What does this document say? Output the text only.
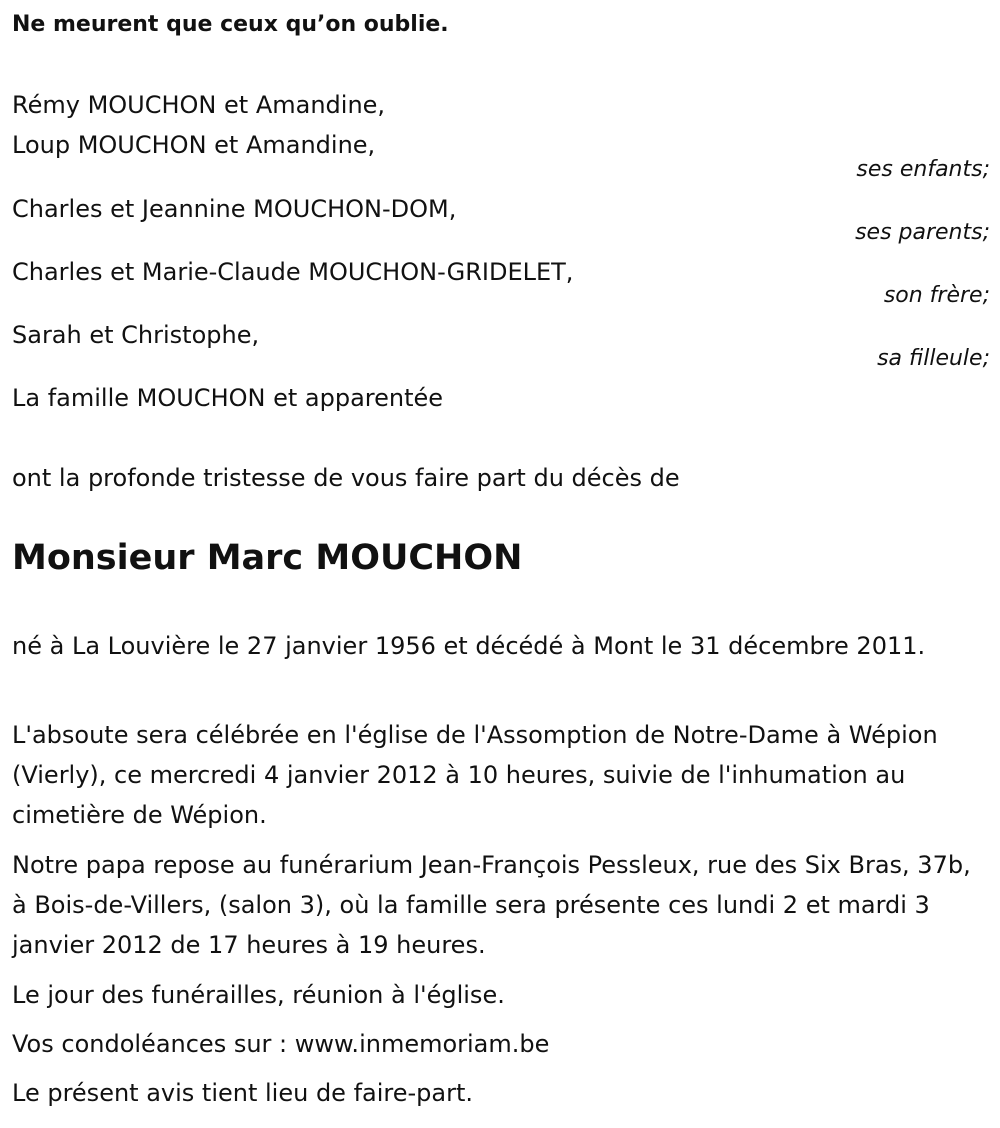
Ne meurent que ceux qu’on oublie.
Rémy MOUCHON et Amandine,
Loup MOUCHON et Amandine,
ses enfants;
Charles et Jeannine MOUCHON-DOM,
ses parents;
Charles et Marie-Claude MOUCHON-GRIDELET,
son frère;
Sarah et Christophe,
sa filleule;
La famille MOUCHON et apparentée
ont la profonde tristesse de vous faire part du décès de
Monsieur Marc MOUCHON
né à La Louvière le 27 janvier 1956 et décédé à Mont le 31 décembre 2011.
L'absoute sera célébrée en l'église de l'Assomption de Notre-Dame à Wépion (Vierly), ce mercredi 4 janvier 2012 à 10 heures, suivie de l'inhumation au cimetière de Wépion.
Notre papa repose au funérarium Jean-François Pessleux, rue des Six Bras, 37b, à Bois-de-Villers, (salon 3), où la famille sera présente ces lundi 2 et mardi 3 janvier 2012 de 17 heures à 19 heures.
Le jour des funérailles, réunion à l'église.
Vos condoléances sur : www.inmemoriam.be
Le présent avis tient lieu de faire-part.
